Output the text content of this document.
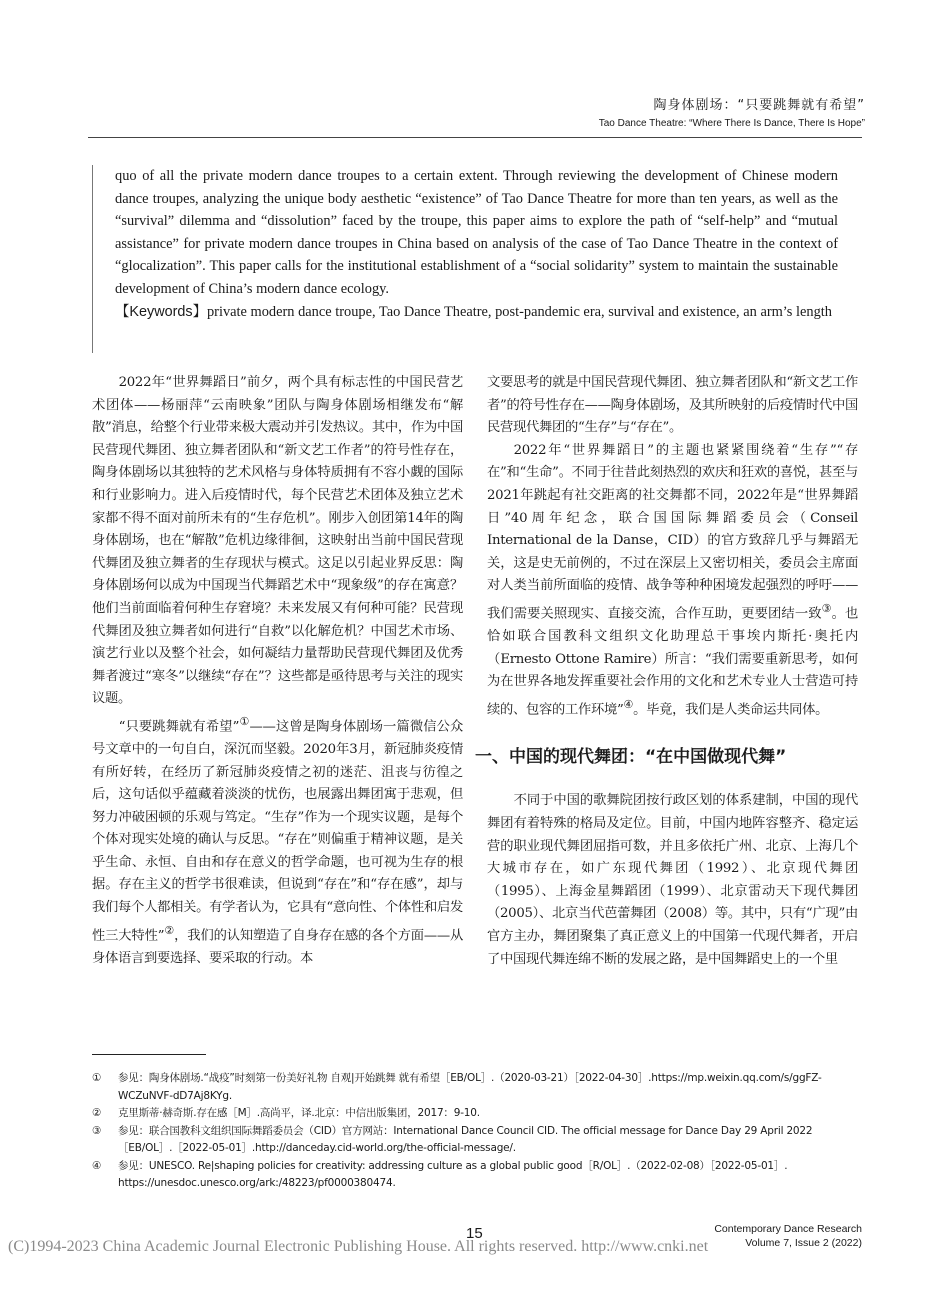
陶身体剧场：“只要跳舞就有希望”
Tao Dance Theatre: “Where There Is Dance, There Is Hope”

quo of all the private modern dance troupes to a certain extent. Through reviewing the development of Chinese modern dance troupes, analyzing the unique body aesthetic “existence” of Tao Dance Theatre for more than ten years, as well as the “survival” dilemma and “dissolution” faced by the troupe, this paper aims to explore the path of “self-help” and “mutual assistance” for private modern dance troupes in China based on analysis of the case of Tao Dance Theatre in the context of “glocalization”. This paper calls for the institutional establishment of a “social solidarity” system to maintain the sustainable development of China’s modern dance ecology.

【Keywords】private modern dance troupe, Tao Dance Theatre, post-pandemic era, survival and existence, an arm’s length

2022年“世界舞蹈日”前夕，两个具有标志性的中国民营艺术团体——杨丽萍“云南映象”团队与陶身体剧场相继发布“解散”消息，给整个行业带来极大震动并引发热议。其中，作为中国民营现代舞团、独立舞者团队和“新文艺工作者”的符号性存在，陶身体剧场以其独特的艺术风格与身体特质拥有不容小觑的国际和行业影响力。进入后疫情时代，每个民营艺术团体及独立艺术家都不得不面对前所未有的“生存危机”。刚步入创团第14年的陶身体剧场，也在“解散”危机边缘徘徊，这映射出当前中国民营现代舞团及独立舞者的生存现状与模式。这足以引起业界反思：陶身体剧场何以成为中国现当代舞蹈艺术中“现象级”的存在寓意？他们当前面临着何种生存窘境？未来发展又有何种可能？民营现代舞团及独立舞者如何进行“自救”以化解危机？中国艺术市场、演艺行业以及整个社会，如何凝结力量帮助民营现代舞团及优秀舞者渡过“寒冬”以继续“存在”？这些都是亟待思考与关注的现实议题。

“只要跳舞就有希望”①——这曾是陶身体剧场一篇微信公众号文章中的一句自白，深沉而坚毅。2020年3月，新冠肺炎疫情有所好转，在经历了新冠肺炎疫情之初的迷茫、沮丧与彷徨之后，这句话似乎蕴藏着淡淡的忧伤，也展露出舞团寓于悲观，但努力冲破困顿的乐观与笃定。“生存”作为一个现实议题，是每个个体对现实处境的确认与反思。“存在”则偏重于精神议题，是关乎生命、永恒、自由和存在意义的哲学命题，也可视为生存的根据。存在主义的哲学书很难读，但说到“存在”和“存在感”，却与我们每个人都相关。有学者认为，它具有“意向性、个体性和启发性三大特性”②，我们的认知塑造了自身存在感的各个方面——从身体语言到要选择、要采取的行动。本

文要思考的就是中国民营现代舞团、独立舞者团队和“新文艺工作者”的符号性存在——陶身体剧场，及其所映射的后疫情时代中国民营现代舞团的“生存”与“存在”。

2022年“世界舞蹈日”的主题也紧紧围绕着“生存”“存在”和“生命”。不同于往昔此刻热烈的欢庆和狂欢的喜悦，甚至与2021年跳起有社交距离的社交舞都不同，2022年是“世界舞蹈日”40周年纪念，联合国国际舞蹈委员会（Conseil International de la Danse，CID）的官方致辞几乎与舞蹈无关，这是史无前例的，不过在深层上又密切相关，委员会主席面对人类当前所面临的疫情、战争等种种困境发起强烈的呼吁——我们需要关照现实、直接交流，合作互助，更要团结一致③。也恰如联合国教科文组织文化助理总干事埃内斯托·奥托内（Ernesto Ottone Ramire）所言：“我们需要重新思考，如何为在世界各地发挥重要社会作用的文化和艺术专业人士营造可持续的、包容的工作环境”④。毕竟，我们是人类命运共同体。

一、中国的现代舞团：“在中国做现代舞”

不同于中国的歌舞院团按行政区划的体系建制，中国的现代舞团有着特殊的格局及定位。目前，中国内地阵容整齐、稳定运营的职业现代舞团屈指可数，并且多依托广州、北京、上海几个大城市存在，如广东现代舞团（1992）、北京现代舞团（1995）、上海金星舞蹈团（1999）、北京雷动天下现代舞团（2005）、北京当代芭蕾舞团（2008）等。其中，只有“广现”由官方主办，舞团聚集了真正意义上的中国第一代现代舞者，开启了中国现代舞连绵不断的发展之路，是中国舞蹈史上的一个里

①	参见：陶身体剧场.“战疫”时刻第一份美好礼物 自观|开始跳舞 就有希望［EB/OL］.（2020-03-21）［2022-04-30］.https://mp.weixin.qq.com/s/ggFZ-WCZuNVF-dD7Aj8KYg.
②	克里斯蒂·赫奇斯.存在感［M］.高尚平，译.北京：中信出版集团，2017：9-10.
③	参见：联合国教科文组织国际舞蹈委员会（CID）官方网站：International Dance Council CID. The official message for Dance Day 29 April 2022［EB/OL］.［2022-05-01］.http://danceday.cid-world.org/the-official-message/.
④	参见：UNESCO. Re|shaping policies for creativity: addressing culture as a global public good［R/OL］.（2022-02-08）［2022-05-01］. https://unesdoc.unesco.org/ark:/48223/pf0000380474.
15	Contemporary Dance Research
Volume 7, Issue 2 (2022)
(C)1994-2023 China Academic Journal Electronic Publishing House. All rights reserved. http://www.cnki.net
